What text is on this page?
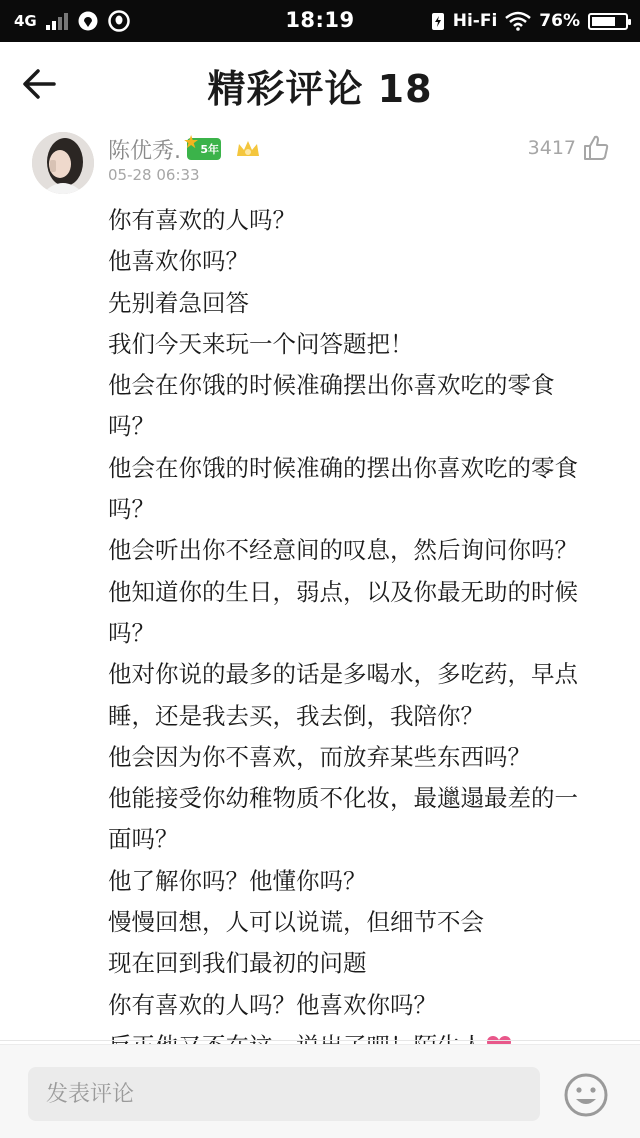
4G	18:19	Hi-Fi 76%
精彩评论 18
陈优秀. ★ 5年
05-28 06:33
3417
你有喜欢的人吗？
他喜欢你吗？
先别着急回答
我们今天来玩一个问答题把！
他会在你饿的时候准确摆出你喜欢吃的零食
吗？
他会在你饿的时候准确的摆出你喜欢吃的零食
吗？
他会听出你不经意间的叹息，然后询问你吗？
他知道你的生日，弱点，以及你最无助的时候
吗？
他对你说的最多的话是多喝水，多吃药，早点
睡，还是我去买，我去倒，我陪你？
他会因为你不喜欢，而放弃某些东西吗？
他能接受你幼稚物质不化妆，最邋遢最差的一
面吗？
他了解你吗？他懂你吗？
慢慢回想，人可以说谎，但细节不会
现在回到我们最初的问题
你有喜欢的人吗？他喜欢你吗？
发表评论
